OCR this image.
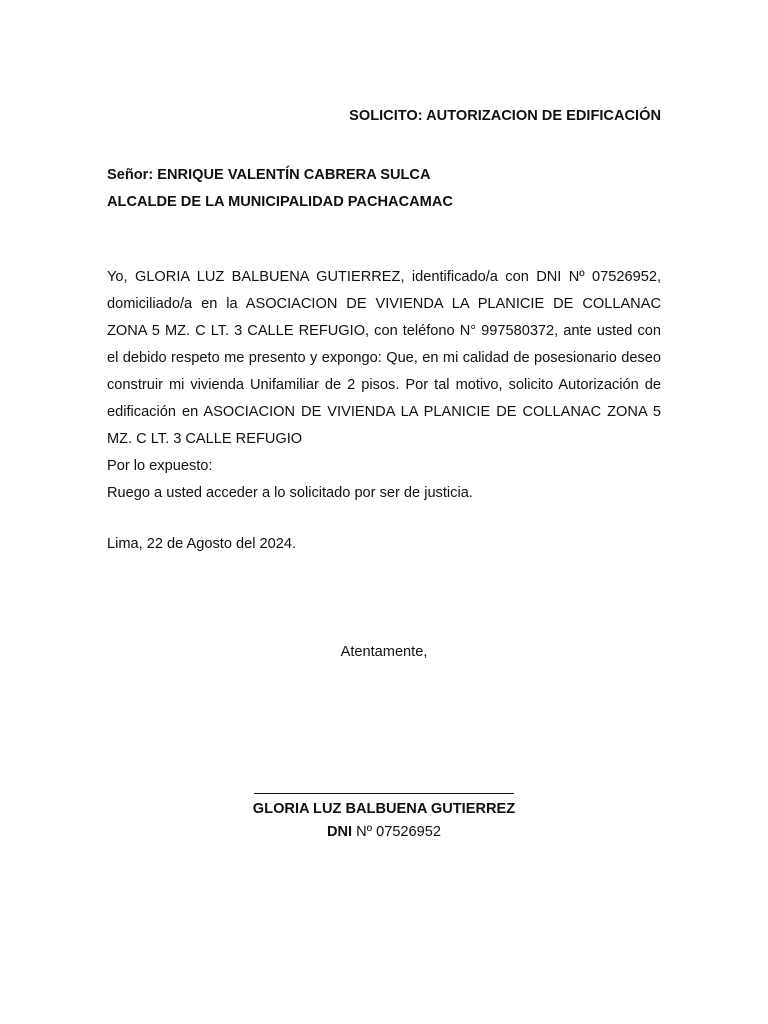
SOLICITO: AUTORIZACION DE EDIFICACIÓN
Señor: ENRIQUE VALENTÍN CABRERA SULCA
ALCALDE DE LA MUNICIPALIDAD PACHACAMAC

Yo, GLORIA LUZ BALBUENA GUTIERREZ, identificado/a con DNI Nº 07526952, domiciliado/a en la ASOCIACION DE VIVIENDA LA PLANICIE DE COLLANAC ZONA 5 MZ. C LT. 3 CALLE REFUGIO, con teléfono N° 997580372, ante usted con el debido respeto me presento y expongo: Que, en mi calidad de posesionario deseo construir mi vivienda Unifamiliar de 2 pisos. Por tal motivo, solicito Autorización de edificación en ASOCIACION DE VIVIENDA LA PLANICIE DE COLLANAC ZONA 5 MZ. C LT. 3 CALLE REFUGIO

Por lo expuesto:

Ruego a usted acceder a lo solicitado por ser de justicia.

Lima, 22 de Agosto del 2024.
Atentamente,
GLORIA LUZ BALBUENA GUTIERREZ
DNI Nº 07526952
